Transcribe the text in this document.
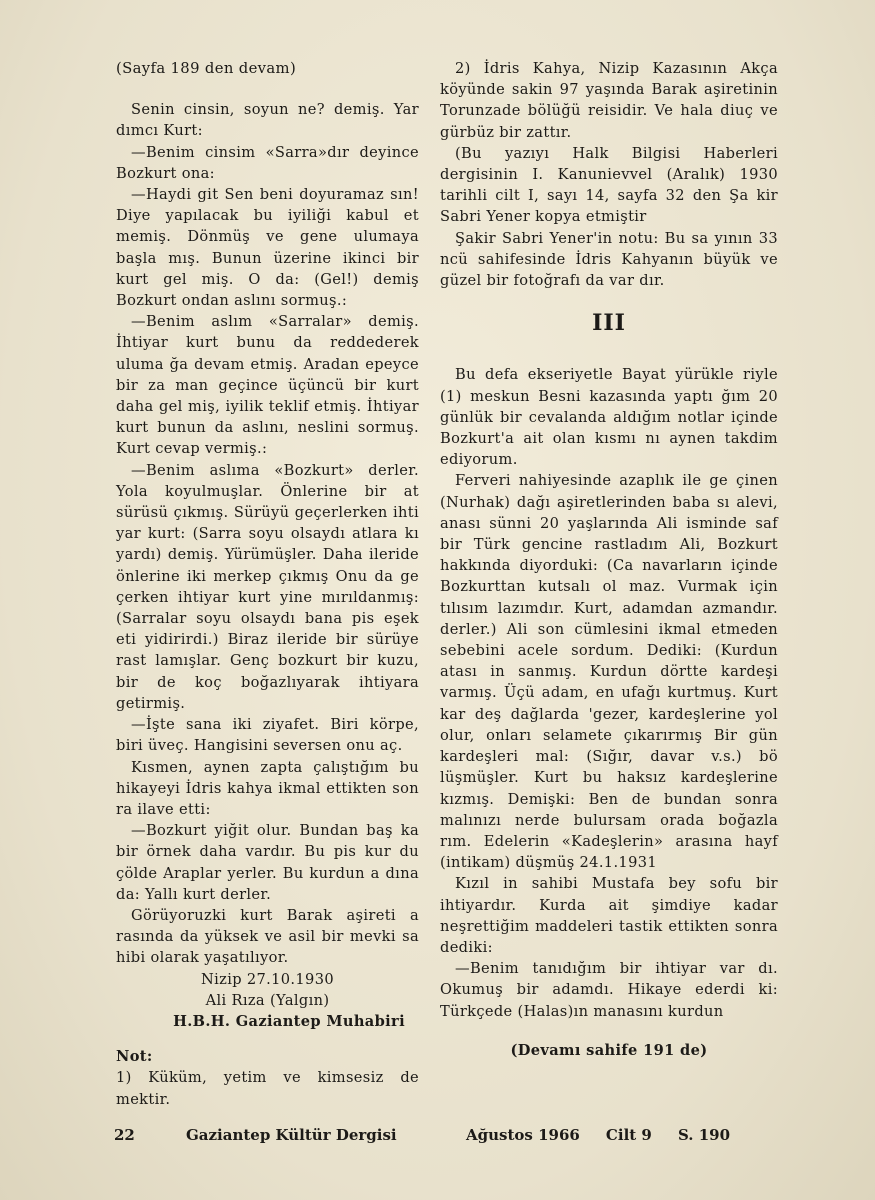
(Sayfa 189 den devam)

Senin cinsin, soyun ne? demiş. Yar dımcı Kurt:

—Benim cinsim «Sarra»dır deyince Bozkurt ona:

—Haydi git Sen beni doyuramaz sın! Diye yapılacak bu iyiliği kabul et memiş. Dönmüş ve gene ulumaya başla mış. Bunun üzerine ikinci bir kurt gel miş. O da: (Gel!) demiş Bozkurt ondan aslını sormuş.:

—Benim aslım «Sarralar» demiş. İhtiyar kurt bunu da reddederek uluma ğa devam etmiş. Aradan epeyce bir za man geçince üçüncü bir kurt daha gel miş, iyilik teklif etmiş. İhtiyar kurt bunun da aslını, neslini sormuş. Kurt cevap vermiş.:

—Benim aslıma «Bozkurt» derler. Yola koyulmuşlar. Önlerine bir at sürüsü çıkmış. Sürüyü geçerlerken ihti yar kurt: (Sarra soyu olsaydı atlara kı yardı) demiş. Yürümüşler. Daha ileride önlerine iki merkep çıkmış Onu da ge çerken ihtiyar kurt yine mırıldanmış: (Sarralar soyu olsaydı bana pis eşek eti yidirirdi.) Biraz ileride bir sürüye rast lamışlar. Genç bozkurt bir kuzu, bir de koç boğazlıyarak ihtiyara getirmiş.

—İşte sana iki ziyafet. Biri körpe, biri üveç. Hangisini seversen onu аç.

Kısmen, aynen zapta çalıştığım bu hikayeyi İdris kahya ikmal ettikten son ra ilave etti:

—Bozkurt yiğit olur. Bundan baş ka bir örnek daha vardır. Bu pis kur du çölde Araplar yerler. Bu kurdun a dına da: Yallı kurt derler.

Görüyoruzki kurt Barak aşireti a rasında da yüksek ve asil bir mevki sa hibi olarak yaşatılıyor.

Nizip 27.10.1930

Ali Rıza (Yalgın)

H.B.H. Gaziantep Muhabiri

Not:

1) Küküm, yetim ve kimsesiz de mektir.

2) İdris Kahya, Nizip Kazasının Akça köyünde sakin 97 yaşında Barak aşiretinin Torunzade bölüğü reisidir. Ve hala diuç ve gürbüz bir zattır.

(Bu yazıyı Halk Bilgisi Haberleri dergisinin I. Kanunievvel (Aralık) 1930 tarihli cilt I, sayı 14, sayfa 32 den Şa kir Sabri Yener kopya etmiştir

Şakir Sabri Yener'in notu: Bu sa yının 33 ncü sahifesinde İdris Kahyanın büyük ve güzel bir fotoğrafı da var dır.

III

Bu defa ekseriyetle Bayat yürükle riyle (1) meskun Besni kazasında yaptı ğım 20 günlük bir cevalanda aldığım notlar içinde Bozkurt'a ait olan kısmı nı aynen takdim ediyorum.

Ferveri nahiyesinde azaplık ile ge çinen (Nurhak) dağı aşiretlerinden baba sı alevi, anası sünni 20 yaşlarında Ali isminde saf bir Türk gencine rastladım Ali, Bozkurt hakkında diyorduki: (Ca navarların içinde Bozkurttan kutsalı ol maz. Vurmak için tılısım lazımdır. Kurt, adamdan azmandır. derler.) Ali son cümlesini ikmal etmeden sebebini acele sordum. Dediki: (Kurdun atası in sanmış. Kurdun dörtte kardeşi varmış. Üçü adam, en ufağı kurtmuş. Kurt kar deş dağlarda 'gezer, kardeşlerine yol olur, onları selamete çıkarırmış Bir gün kardeşleri mal: (Sığır, davar v.s.) bö lüşmüşler. Kurt bu haksız kardeşlerine kızmış. Demişki: Ben de bundan sonra malınızı nerde bulursam orada boğazla rım. Edelerin «Kadeşlerin» arasına hayf (intikam) düşmüş 24.1.1931

Kızıl in sahibi Mustafa bey sofu bir ihtiyardır. Kurda ait şimdiye kadar neşrettiğim maddeleri tastik ettikten sonra dediki:

—Benim tanıdığım bir ihtiyar var dı. Okumuş bir adamdı. Hikaye ederdi ki: Türkçede (Halas)ın manasını kurdun

(Devamı sahife 191 de)

22	Gaziantep Kültür Dergisi	Ağustos 1966     Cilt 9     S. 190
